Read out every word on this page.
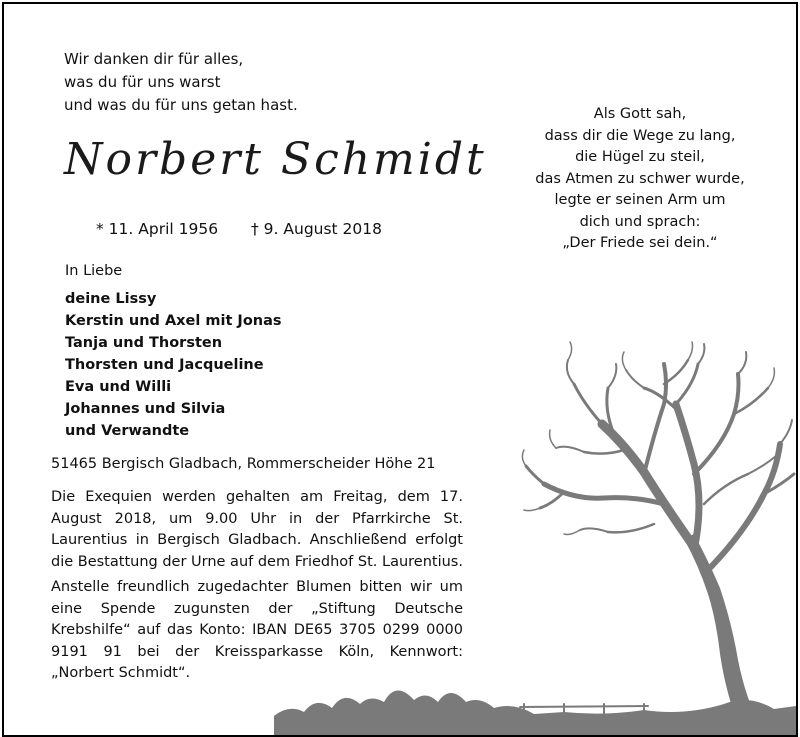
Wir danken dir für alles,
was du für uns warst
und was du für uns getan hast.
Norbert Schmidt
* 11. April 1956 † 9. August 2018
Als Gott sah,
dass dir die Wege zu lang,
die Hügel zu steil,
das Atmen zu schwer wurde,
legte er seinen Arm um
dich und sprach:
„Der Friede sei dein.“
In Liebe
deine Lissy
Kerstin und Axel mit Jonas
Tanja und Thorsten
Thorsten und Jacqueline
Eva und Willi
Johannes und Silvia
und Verwandte
51465 Bergisch Gladbach, Rommerscheider Höhe 21

Die Exequien werden gehalten am Freitag, dem 17. August 2018, um 9.00 Uhr in der Pfarrkirche St. Laurentius in Bergisch Gladbach. Anschließend erfolgt die Bestattung der Urne auf dem Friedhof St. Laurentius.

Anstelle freundlich zugedachter Blumen bitten wir um eine Spende zugunsten der „Stiftung Deutsche Krebshilfe“ auf das Konto: IBAN DE65 3705 0299 0000 9191 91 bei der Kreissparkasse Köln, Kennwort: „Norbert Schmidt“.
